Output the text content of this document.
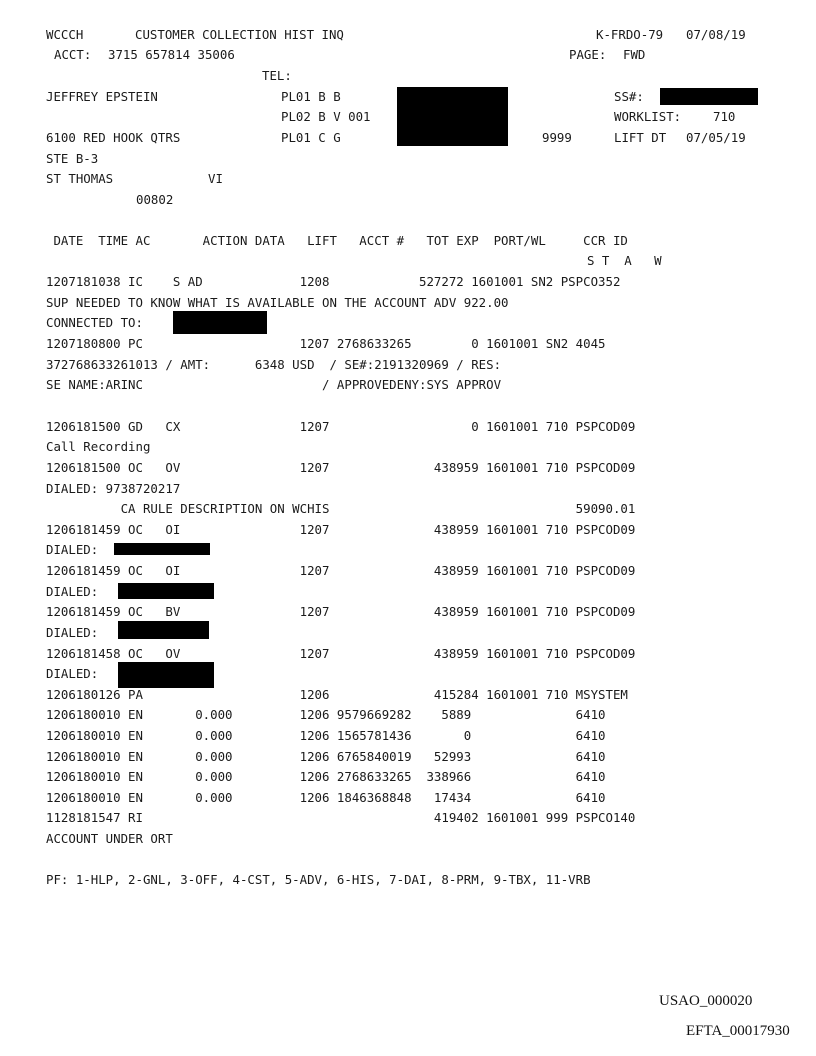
WCCCH	CUSTOMER COLLECTION HIST INQ	K-FRDO-79 07/08/19
ACCT: 3715 657814 35006	PAGE: FWD
TEL:
JEFFREY EPSTEIN	PL01 B B
PL02 B V 001
PL01 C G
SS#:
WORKLIST:	710
6100 RED HOOK QTRS	9999	LIFT DT 07/05/19
STE B-3
ST THOMAS	VI
00802
DATE  TIME AC       ACTION DATA   LIFT   ACCT #   TOT EXP  PORT/WL     CCR ID
S T  A   W
1207181038 IC    S AD             1208            527272 1601001 SN2 PSPCO352
SUP NEEDED TO KNOW WHAT IS AVAILABLE ON THE ACCOUNT ADV 922.00
CONNECTED TO:
1207180800 PC                     1207 2768633265        0 1601001 SN2 4045
372768633261013 / AMT:      6348 USD  / SE#:2191320969 / RES:
SE NAME:ARINC                        / APPROVEDENY:SYS APPROV
1206181500 GD   CX                1207                   0 1601001 710 PSPCOD09
Call Recording
1206181500 OC   OV                1207              438959 1601001 710 PSPCOD09
DIALED: 9738720217
CA RULE DESCRIPTION ON WCHIS                                 59090.01
1206181459 OC   OI                1207              438959 1601001 710 PSPCOD09
DIALED:
1206181459 OC   OI                1207              438959 1601001 710 PSPCOD09
DIALED:
1206181459 OC   BV                1207              438959 1601001 710 PSPCOD09
DIALED:
1206181458 OC   OV                1207              438959 1601001 710 PSPCOD09
DIALED:
1206180126 PA                     1206              415284 1601001 710 MSYSTEM
1206180010 EN       0.000         1206 9579669282    5889              6410
1206180010 EN       0.000         1206 1565781436       0              6410
1206180010 EN       0.000         1206 6765840019   52993              6410
1206180010 EN       0.000         1206 2768633265  338966              6410
1206180010 EN       0.000         1206 1846368848   17434              6410
1128181547 RI                                       419402 1601001 999 PSPCO140
ACCOUNT UNDER ORT
PF: 1-HLP, 2-GNL, 3-OFF, 4-CST, 5-ADV, 6-HIS, 7-DAI, 8-PRM, 9-TBX, 11-VRB
USAO_000020
EFTA_00017930
